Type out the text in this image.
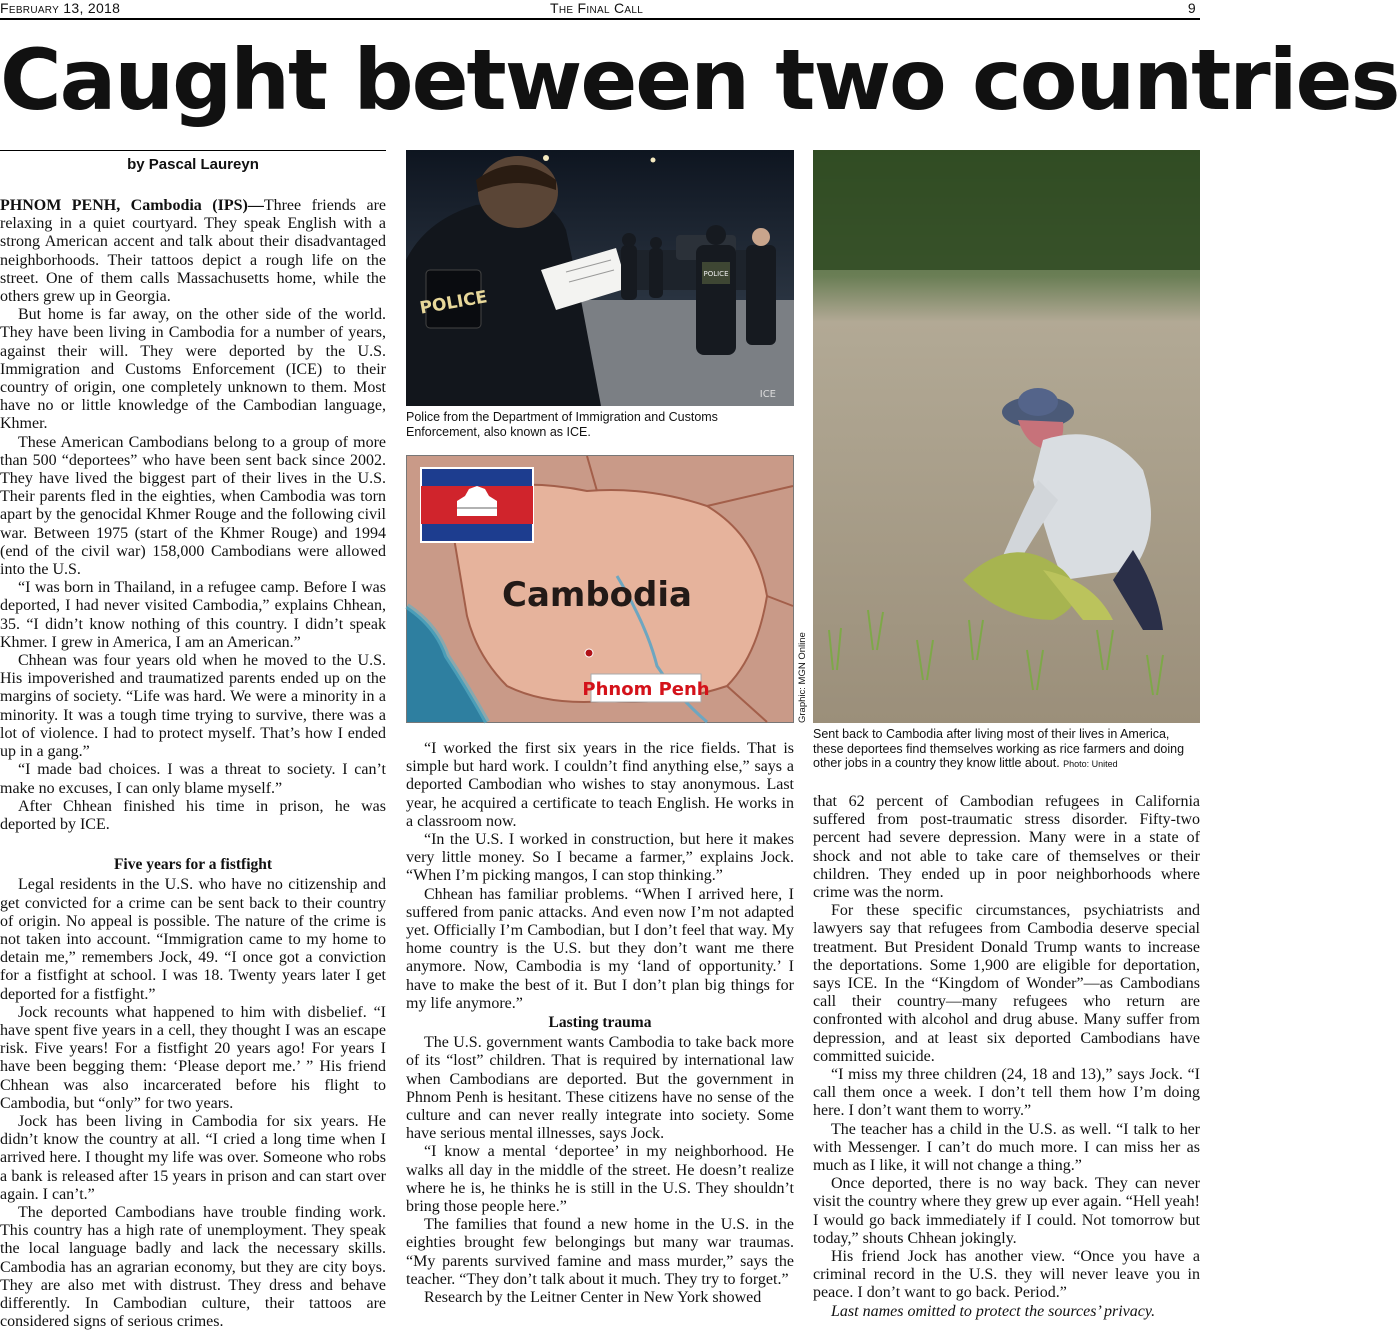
February 13, 2018	The Final Call	9
Caught between two countries
by Pascal Laureyn

PHNOM PENH, Cambodia (IPS)—Three friends are relaxing in a quiet courtyard. They speak English with a strong American accent and talk about their disadvantaged neighborhoods. Their tattoos depict a rough life on the street. One of them calls Massachusetts home, while the others grew up in Georgia.

But home is far away, on the other side of the world. They have been living in Cambodia for a number of years, against their will. They were deported by the U.S. Immigration and Customs Enforcement (ICE) to their country of origin, one completely unknown to them. Most have no or little knowledge of the Cambodian language, Khmer.

These American Cambodians belong to a group of more than 500 “deportees” who have been sent back since 2002. They have lived the biggest part of their lives in the U.S. Their parents fled in the eighties, when Cambodia was torn apart by the genocidal Khmer Rouge and the following civil war. Between 1975 (start of the Khmer Rouge) and 1994 (end of the civil war) 158,000 Cambodians were allowed into the U.S.

“I was born in Thailand, in a refugee camp. Before I was deported, I had never visited Cambodia,” explains Chhean, 35. “I didn’t know nothing of this country. I didn’t speak Khmer. I grew in America, I am an American.”

Chhean was four years old when he moved to the U.S. His impoverished and traumatized parents ended up on the margins of society. “Life was hard. We were a minority in a minority. It was a tough time trying to survive, there was a lot of violence. I had to protect myself. That’s how I ended up in a gang.”

“I made bad choices. I was a threat to society. I can’t make no excuses, I can only blame myself.”

After Chhean finished his time in prison, he was deported by ICE.

Five years for a fistfight

Legal residents in the U.S. who have no citizenship and get convicted for a crime can be sent back to their country of origin. No appeal is possible. The nature of the crime is not taken into account. “Immigration came to my home to detain me,” remembers Jock, 49. “I once got a conviction for a fistfight at school. I was 18. Twenty years later I get deported for a fistfight.”

Jock recounts what happened to him with disbelief. “I have spent five years in a cell, they thought I was an escape risk. Five years! For a fistfight 20 years ago! For years I have been begging them: ‘Please deport me.’ ” His friend Chhean was also incarcerated before his flight to Cambodia, but “only” for two years.

Jock has been living in Cambodia for six years. He didn’t know the country at all. “I cried a long time when I arrived here. I thought my life was over. Someone who robs a bank is released after 15 years in prison and can start over again. I can’t.”

The deported Cambodians have trouble finding work. This country has a high rate of unemployment. They speak the local language badly and lack the necessary skills. Cambodia has an agrarian economy, but they are city boys. They are also met with distrust. They dress and behave differently. In Cambodian culture, their tattoos are considered signs of serious crimes.

POLICE
POLICE
ICE
Police from the Department of Immigration and Customs Enforcement, also known as ICE.
Cambodia
Phnom Penh	Graphic: MGN Online

“I worked the first six years in the rice fields. That is simple but hard work. I couldn’t find anything else,” says a deported Cambodian who wishes to stay anonymous. Last year, he acquired a certificate to teach English. He works in a classroom now.

“In the U.S. I worked in construction, but here it makes very little money. So I became a farmer,” explains Jock. “When I’m picking mangos, I can stop thinking.”

Chhean has familiar problems. “When I arrived here, I suffered from panic attacks. And even now I’m not adapted yet. Officially I’m Cambodian, but I don’t feel that way. My home country is the U.S. but they don’t want me there anymore. Now, Cambodia is my ‘land of opportunity.’ I have to make the best of it. But I don’t plan big things for my life anymore.”

Lasting trauma

The U.S. government wants Cambodia to take back more of its “lost” children. That is required by international law when Cambodians are deported. But the government in Phnom Penh is hesitant. These citizens have no sense of the culture and can never really integrate into society. Some have serious mental illnesses, says Jock.

“I know a mental ‘deportee’ in my neighborhood. He walks all day in the middle of the street. He doesn’t realize where he is, he thinks he is still in the U.S. They shouldn’t bring those people here.”

The families that found a new home in the U.S. in the eighties brought few belongings but many war traumas. “My parents survived famine and mass murder,” says the teacher. “They don’t talk about it much. They try to forget.”

Research by the Leitner Center in New York showed

Sent back to Cambodia after living most of their lives in America, these deportees find themselves working as rice farmers and doing other jobs in a country they know little about. Photo: United

that 62 percent of Cambodian refugees in California suffered from post-traumatic stress disorder. Fifty-two percent had severe depression. Many were in a state of shock and not able to take care of themselves or their children. They ended up in poor neighborhoods where crime was the norm.

For these specific circumstances, psychiatrists and lawyers say that refugees from Cambodia deserve special treatment. But President Donald Trump wants to increase the deportations. Some 1,900 are eligible for deportation, says ICE. In the “Kingdom of Wonder”—as Cambodians call their country—many refugees who return are confronted with alcohol and drug abuse. Many suffer from depression, and at least six deported Cambodians have committed suicide.

“I miss my three children (24, 18 and 13),” says Jock. “I call them once a week. I don’t tell them how I’m doing here. I don’t want them to worry.”

The teacher has a child in the U.S. as well. “I talk to her with Messenger. I can’t do much more. I can miss her as much as I like, it will not change a thing.”

Once deported, there is no way back. They can never visit the country where they grew up ever again. “Hell yeah! I would go back immediately if I could. Not tomorrow but today,” shouts Chhean jokingly.

His friend Jock has another view. “Once you have a criminal record in the U.S. they will never leave you in peace. I don’t want to go back. Period.”

Last names omitted to protect the sources’ privacy.
